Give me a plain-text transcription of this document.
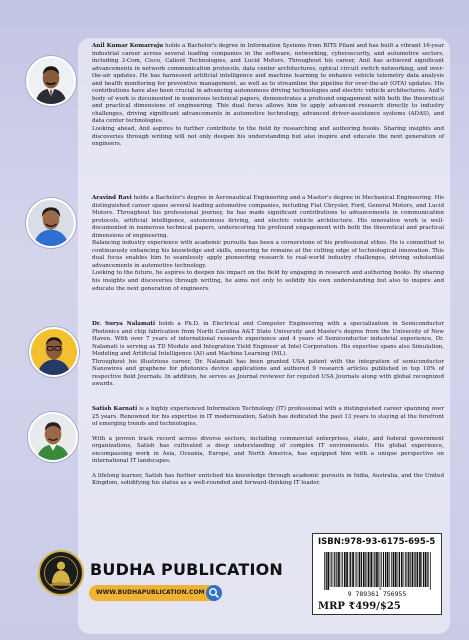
Anil Kumar Komarraju holds a Bachelor's degree in Information Systems from BITS Pilani and has built a vibrant 16-year industrial career across several leading companies in the software, networking, cybersecurity, and automotive sectors, including 3-Com, Cisco, Calient Technologies, and Lucid Motors. Throughout his career, Anil has achieved significant advancements in network communication protocols, data center architectures, optical circuit switch networking, and over-the-air updates. He has harnessed artificial intelligence and machine learning to enhance vehicle telemetry data analysis and health monitoring for preventive management, as well as to streamline the pipeline for over-the-air (OTA) updates. His contributions have also been crucial in advancing autonomous driving technologies and electric vehicle architectures. Anil's body of work is documented in numerous technical papers, demonstrates a profound engagement with both the theoretical and practical dimensions of engineering. This dual focus allows him to apply advanced research directly to industry challenges, driving significant advancements in automotive technology, advanced driver-assistance systems (ADAS), and data center technologies.

Looking ahead, Anil aspires to further contribute to the field by researching and authoring books. Sharing insights and discoveries through writing will not only deepen his understanding but also inspire and educate the next generation of engineers.

Aravind Ravi holds a Bachelor's degree in Aeronautical Engineering and a Master's degree in Mechanical Engineering. His distinguished career spans several leading automotive companies, including Fiat Chrysler, Ford, General Motors, and Lucid Motors. Throughout his professional journey, he has made significant contributions to advancements in communication protocols, artificial intelligence, autonomous driving, and electric vehicle architecture. His innovative work is well-documented in numerous technical papers, underscoring his profound engagement with both the theoretical and practical dimensions of engineering.

Balancing industry experience with academic pursuits has been a cornerstone of his professional ethos. He is committed to continuously enhancing his knowledge and skills, ensuring he remains at the cutting edge of technological innovation. This dual focus enables him to seamlessly apply pioneering research to real-world industry challenges, driving substantial advancements in automotive technology.

Looking to the future, he aspires to deepen his impact on the field by engaging in research and authoring books. By sharing his insights and discoveries through writing, he aims not only to solidify his own understanding but also to inspire and educate the next generation of engineers.

Dr. Surya Nalamati holds a Ph.D. in Electrical and Computer Engineering with a specialization in Semiconductor Photonics and chip fabrication from North Carolina A&T State University and Master's degree from the University of New Haven. With over 7 years of international research experience and 4 years of Semiconductor industrial experience, Dr. Nalamati is serving as TD Module and Integration Yield Engineer at Intel Corporation. His expertise spans also Simulation, Modeling and Artificial Intelligence (AI) and Machine Learning (ML).

Throughout his illustrious career, Dr. Nalamati has been granted USA patent with the integration of semiconductor Nanowires and graphene for photonics device applications and authored 9 research articles published in top 10% of respective field Journals. In addition, he serves as Journal reviewer for reputed USA Journals along with global recognized awards.

Satish Karnati is a highly experienced Information Technology (IT) professional with a distinguished career spanning over 25 years. Renowned for his expertise in IT modernization, Satish has dedicated the past 13 years to staying at the forefront of emerging trends and technologies.

With a proven track record across diverse sectors, including commercial enterprises, state, and federal government organizations, Satish has cultivated a deep understanding of complex IT environments. His global experience, encompassing work in Asia, Oceania, Europe, and North America, has equipped him with a unique perspective on international IT landscapes.

A lifelong learner, Satish has further enriched his knowledge through academic pursuits in India, Australia, and the United Kingdom, solidifying his status as a well-rounded and forward-thinking IT leader.

BUDHA PUBLICATION
WWW.BUDHAPUBLICATION.COM
ISBN:978-93-6175-695-5
9 789361 756955
MRP ₹499/$25
